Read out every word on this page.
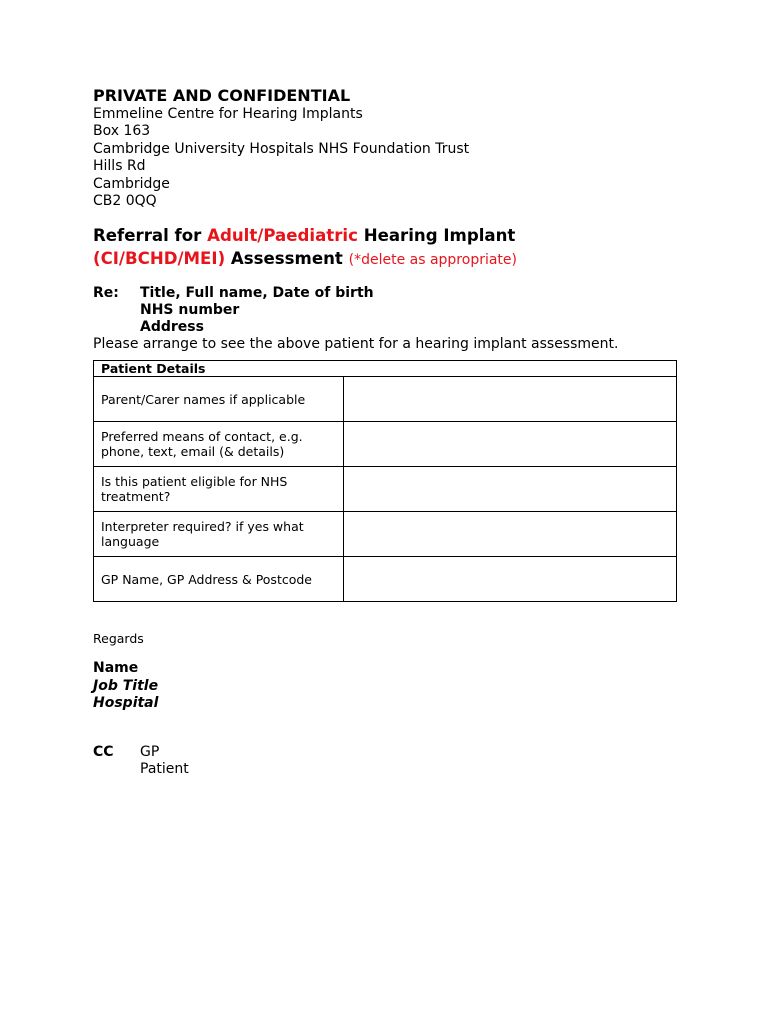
PRIVATE AND CONFIDENTIAL
Emmeline Centre for Hearing Implants
Box 163
Cambridge University Hospitals NHS Foundation Trust
Hills Rd
Cambridge
CB2 0QQ
Referral for Adult/Paediatric Hearing Implant
(CI/BCHD/MEI) Assessment (*delete as appropriate)
Re:	Title, Full name, Date of birth
NHS number
Address
Please arrange to see the above patient for a hearing implant assessment.
Patient Details	
Parent/Carer names if applicable	
Preferred means of contact, e.g. phone, text, email (& details)	
Is this patient eligible for NHS treatment?	
Interpreter required? if yes what language	
GP Name, GP Address & Postcode	
Regards
Name
Job Title
Hospital
CC	GP
Patient
